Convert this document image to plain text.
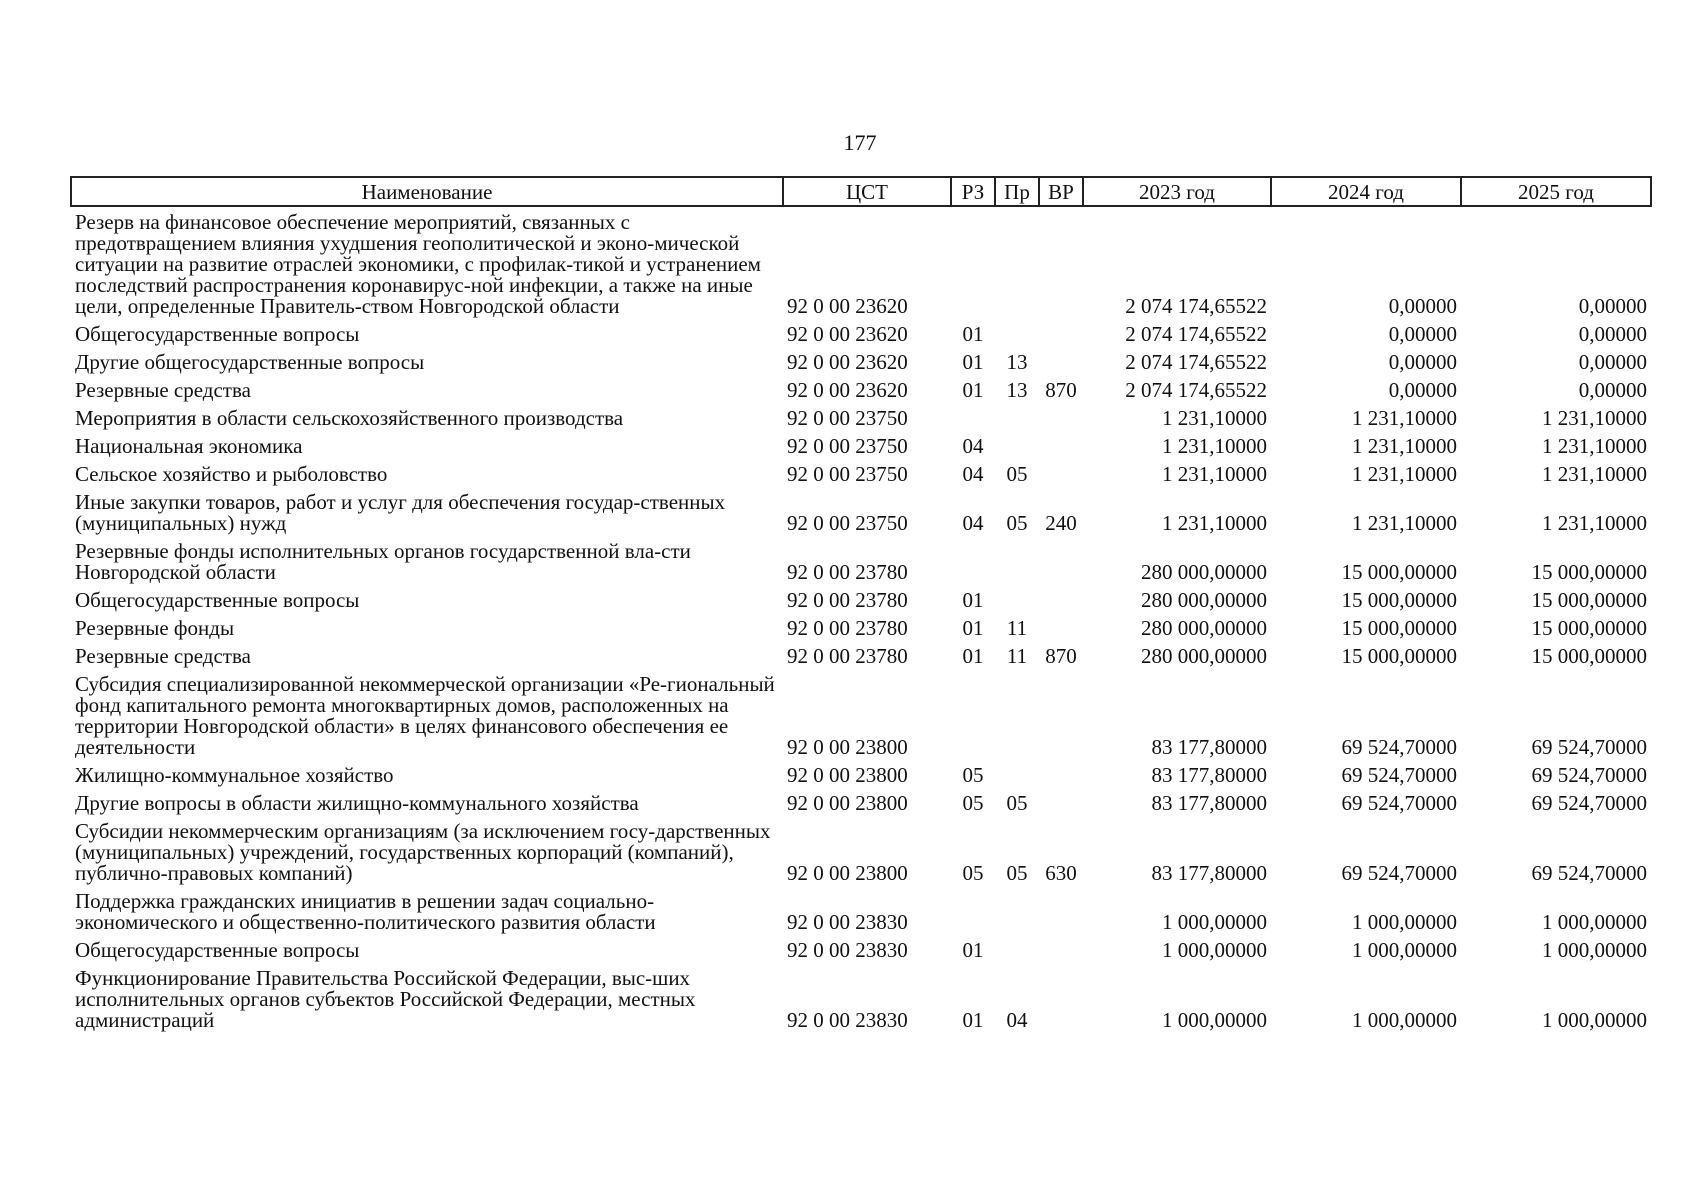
177
Наименование	ЦСТ	РЗ	Пр	ВР	2023 год	2024 год	2025 год
Резерв на финансовое обеспечение мероприятий, связанных с предотвращением влияния ухудшения геополитической и эконо-мической ситуации на развитие отраслей экономики, с профилак-тикой и устранением последствий распространения коронавирус-ной инфекции, а также на иные цели, определенные Правитель-ством Новгородской области	92 0 00 23620				2 074 174,65522	0,00000	0,00000
Общегосударственные вопросы	92 0 00 23620	01			2 074 174,65522	0,00000	0,00000
Другие общегосударственные вопросы	92 0 00 23620	01	13		2 074 174,65522	0,00000	0,00000
Резервные средства	92 0 00 23620	01	13	870	2 074 174,65522	0,00000	0,00000
Мероприятия в области сельскохозяйственного производства	92 0 00 23750				1 231,10000	1 231,10000	1 231,10000
Национальная экономика	92 0 00 23750	04			1 231,10000	1 231,10000	1 231,10000
Сельское хозяйство и рыболовство	92 0 00 23750	04	05		1 231,10000	1 231,10000	1 231,10000
Иные закупки товаров, работ и услуг для обеспечения государ-ственных (муниципальных) нужд	92 0 00 23750	04	05	240	1 231,10000	1 231,10000	1 231,10000
Резервные фонды исполнительных органов государственной вла-сти Новгородской области	92 0 00 23780				280 000,00000	15 000,00000	15 000,00000
Общегосударственные вопросы	92 0 00 23780	01			280 000,00000	15 000,00000	15 000,00000
Резервные фонды	92 0 00 23780	01	11		280 000,00000	15 000,00000	15 000,00000
Резервные средства	92 0 00 23780	01	11	870	280 000,00000	15 000,00000	15 000,00000
Субсидия специализированной некоммерческой организации «Ре-гиональный фонд капитального ремонта многоквартирных домов, расположенных на территории Новгородской области» в целях финансового обеспечения ее деятельности	92 0 00 23800				83 177,80000	69 524,70000	69 524,70000
Жилищно-коммунальное хозяйство	92 0 00 23800	05			83 177,80000	69 524,70000	69 524,70000
Другие вопросы в области жилищно-коммунального хозяйства	92 0 00 23800	05	05		83 177,80000	69 524,70000	69 524,70000
Субсидии некоммерческим организациям (за исключением госу-дарственных (муниципальных) учреждений, государственных корпораций (компаний), публично-правовых компаний)	92 0 00 23800	05	05	630	83 177,80000	69 524,70000	69 524,70000
Поддержка гражданских инициатив в решении задач социально-экономического и общественно-политического развития области	92 0 00 23830				1 000,00000	1 000,00000	1 000,00000
Общегосударственные вопросы	92 0 00 23830	01			1 000,00000	1 000,00000	1 000,00000
Функционирование Правительства Российской Федерации, выс-ших исполнительных органов субъектов Российской Федерации, местных администраций	92 0 00 23830	01	04		1 000,00000	1 000,00000	1 000,00000
